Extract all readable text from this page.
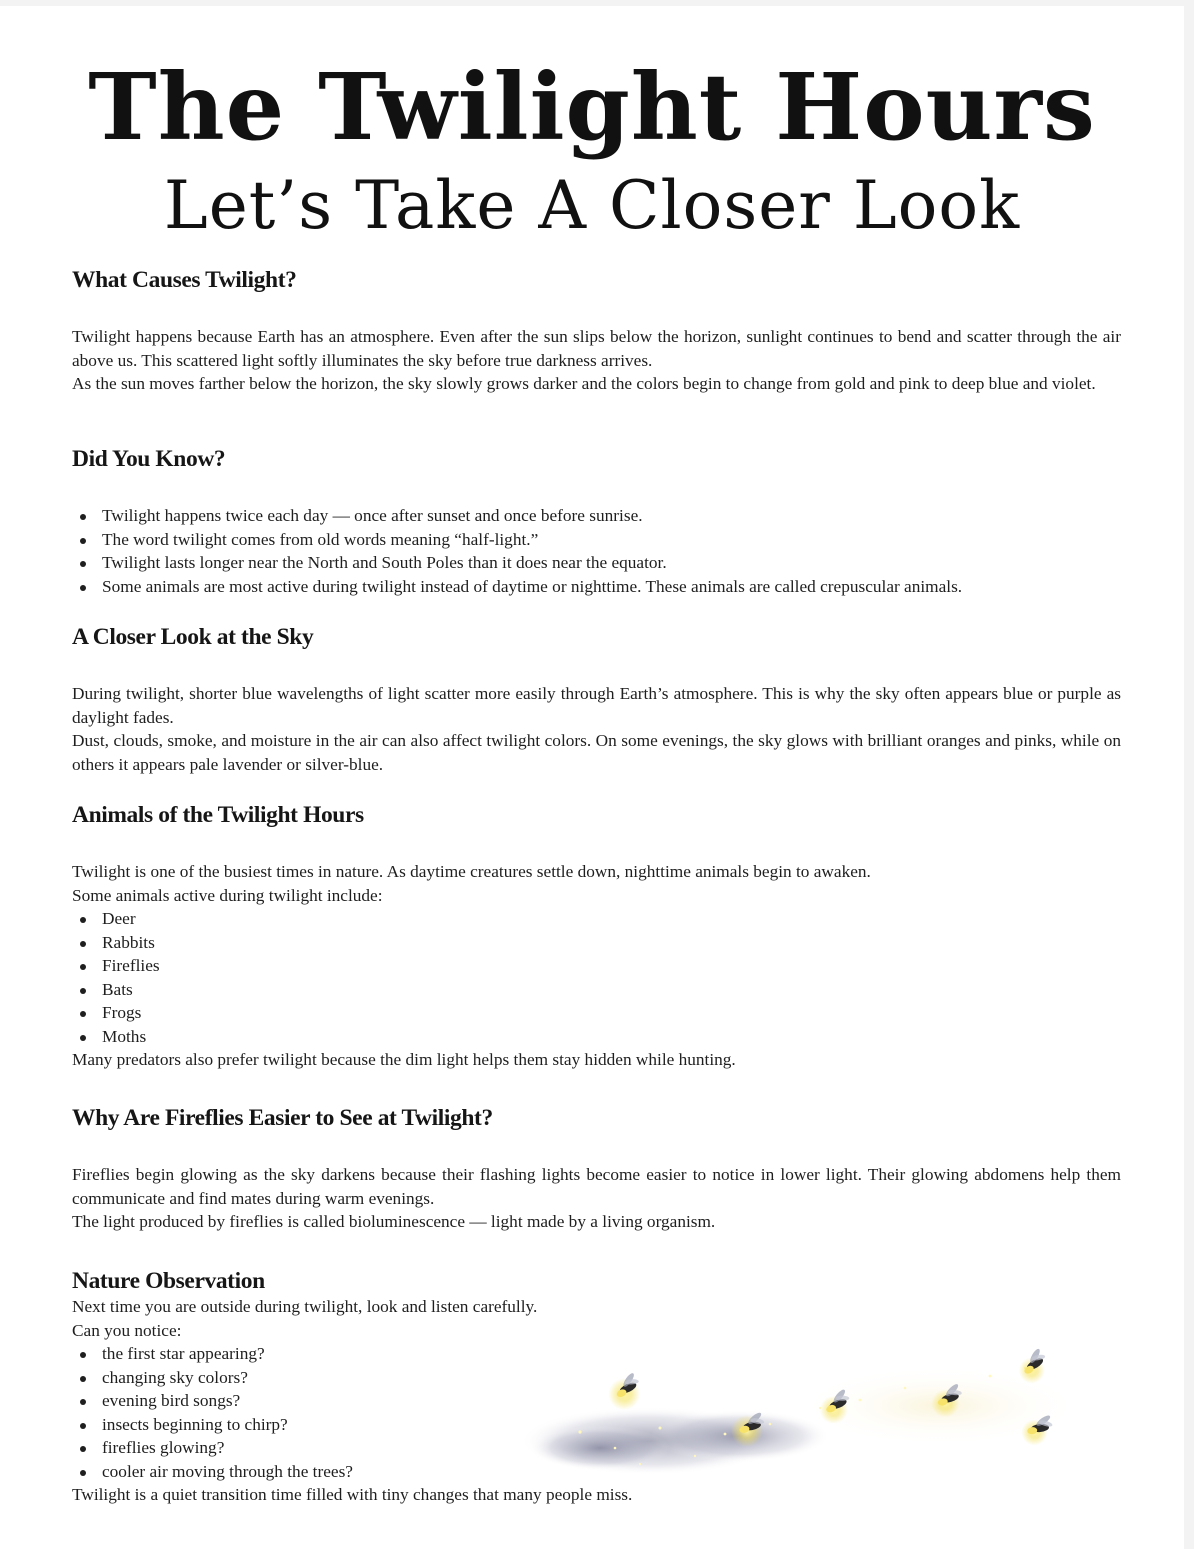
The Twilight Hours
Let’s Take A Closer Look
What Causes Twilight?

Twilight happens because Earth has an atmosphere. Even after the sun slips below the horizon, sunlight continues to bend and scatter through the air above us. This scattered light softly illuminates the sky before true darkness arrives.

As the sun moves farther below the horizon, the sky slowly grows darker and the colors begin to change from gold and pink to deep blue and violet.

Did You Know?
Twilight happens twice each day — once after sunset and once before sunrise.
The word twilight comes from old words meaning “half-light.”
Twilight lasts longer near the North and South Poles than it does near the equator.
Some animals are most active during twilight instead of daytime or nighttime. These animals are called crepuscular animals.
A Closer Look at the Sky

During twilight, shorter blue wavelengths of light scatter more easily through Earth’s atmosphere. This is why the sky often appears blue or purple as daylight fades.

Dust, clouds, smoke, and moisture in the air can also affect twilight colors. On some evenings, the sky glows with brilliant oranges and pinks, while on others it appears pale lavender or silver-blue.

Animals of the Twilight Hours

Twilight is one of the busiest times in nature. As daytime creatures settle down, nighttime animals begin to awaken.

Some animals active during twilight include:

Deer
Rabbits
Fireflies
Bats
Frogs
Moths

Many predators also prefer twilight because the dim light helps them stay hidden while hunting.

Why Are Fireflies Easier to See at Twilight?

Fireflies begin glowing as the sky darkens because their flashing lights become easier to notice in lower light. Their glowing abdomens help them communicate and find mates during warm evenings.

The light produced by fireflies is called bioluminescence — light made by a living organism.

Nature Observation

Next time you are outside during twilight, look and listen carefully.

Can you notice:

the first star appearing?
changing sky colors?
evening bird songs?
insects beginning to chirp?
fireflies glowing?
cooler air moving through the trees?

Twilight is a quiet transition time filled with tiny changes that many people miss.
